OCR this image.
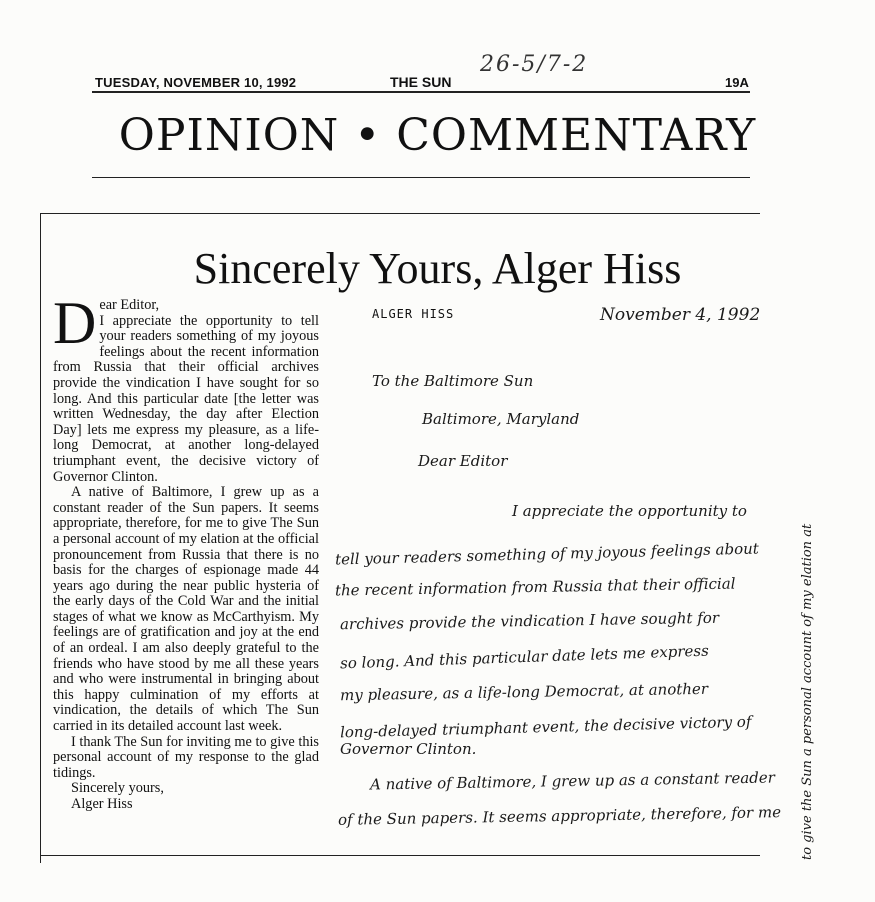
26-5/7-2
TUESDAY, NOVEMBER 10, 1992	THE SUN	19A
OPINION • COMMENTARY
Sincerely Yours, Alger Hiss

Dear Editor,
I appreciate the opportunity to tell your readers something of my joyous feelings about the recent information from Russia that their official archives provide the vindication I have sought for so long. And this particular date [the letter was written Wednesday, the day after Election Day] lets me express my pleasure, as a life-long Democrat, at another long-delayed triumphant event, the decisive victory of Governor Clinton.

A native of Baltimore, I grew up as a constant reader of the Sun papers. It seems appropriate, therefore, for me to give The Sun a personal account of my elation at the official pronouncement from Russia that there is no basis for the charges of espionage made 44 years ago during the near public hysteria of the early days of the Cold War and the initial stages of what we know as McCarthyism. My feelings are of gratification and joy at the end of an ordeal. I am also deeply grateful to the friends who have stood by me all these years and who were instrumental in bringing about this happy culmination of my efforts at vindication, the details of which The Sun carried in its detailed account last week.

I thank The Sun for inviting me to give this personal account of my response to the glad tidings.

Sincerely yours,

Alger Hiss

ALGER HISS	November 4, 1992
To the Baltimore Sun
Baltimore, Maryland
Dear Editor
I appreciate the opportunity to
tell your readers something of my joyous feelings about
the recent information from Russia that their official
archives provide the vindication I have sought for
so long. And this particular date lets me express
my pleasure, as a life-long Democrat, at another
long-delayed triumphant event, the decisive victory of
Governor Clinton.
A native of Baltimore, I grew up as a constant reader
of the Sun papers. It seems appropriate, therefore, for me to give the Sun a personal account of my elation at
